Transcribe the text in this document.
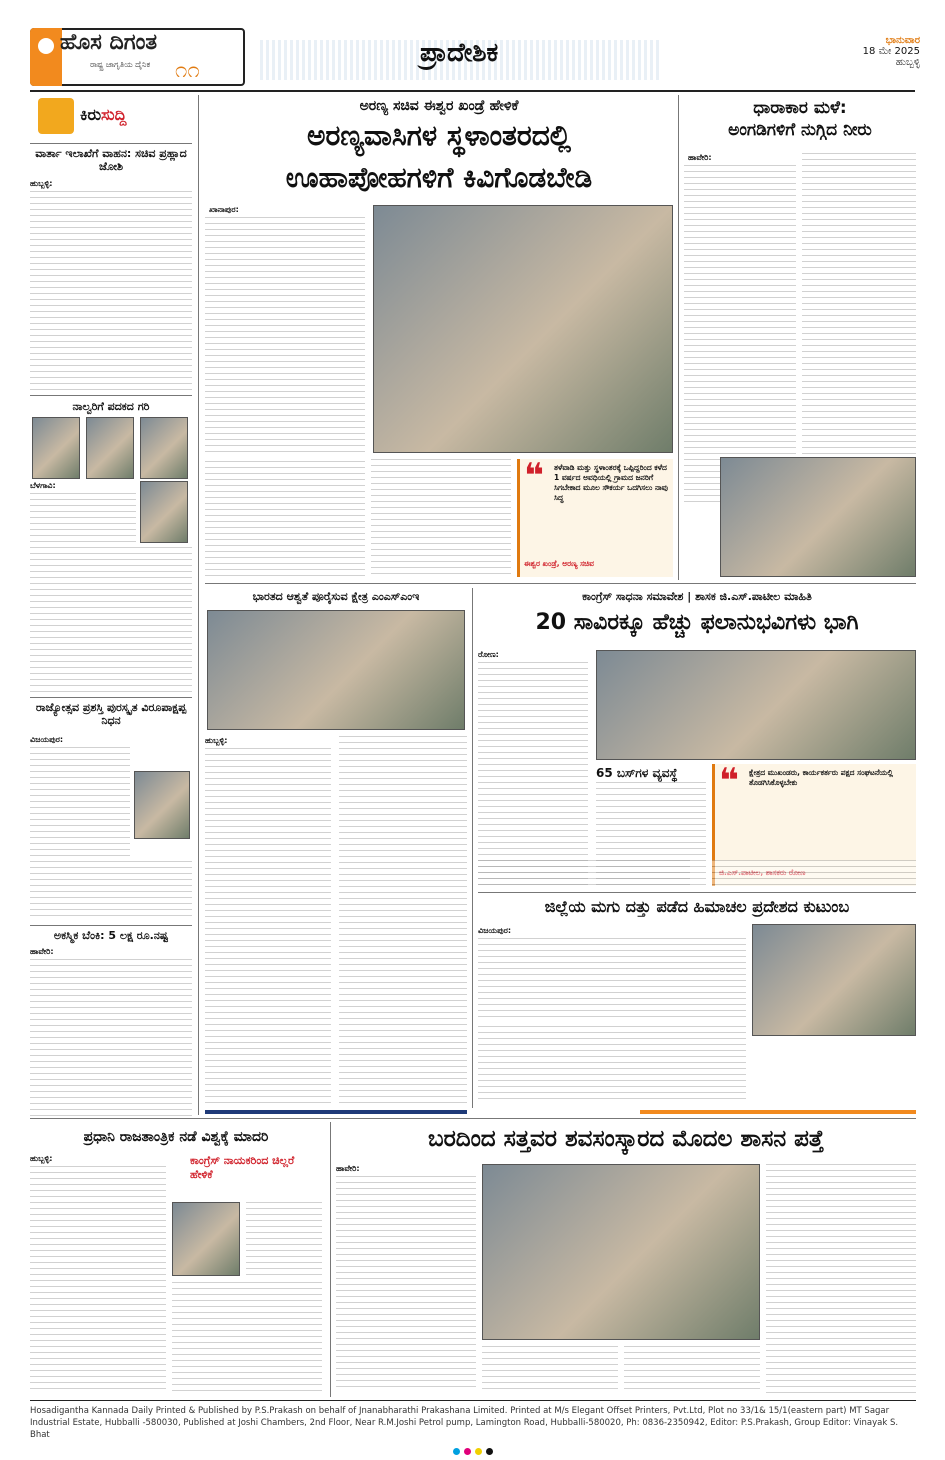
ಹೊಸ ದಿಗಂತ
ರಾಷ್ಟ್ರ ಜಾಗೃತಿಯ ದೈನಿಕ ೧೧
ಪ್ರಾದೇಶಿಕ	ಭಾನುವಾರ
18 ಮೇ 2025
ಹುಬ್ಬಳ್ಳಿ
ಕಿರುಸುದ್ದಿ
ವಾರ್ತಾ ಇಲಾಖೆಗೆ ವಾಹನ: ಸಚಿವ ಪ್ರಹ್ಲಾದ ಜೋಶಿ
ಹುಬ್ಬಳ್ಳಿ:
ನಾಲ್ವರಿಗೆ ಪದಕದ ಗರಿ
ಬೆಳಗಾವಿ:
ರಾಜ್ಯೋತ್ಸವ ಪ್ರಶಸ್ತಿ ಪುರಸ್ಕೃತ ವಿರೂಪಾಕ್ಷಪ್ಪ ನಿಧನ
ವಿಜಯಪುರ:
ಅಕಸ್ಮಿಕ ಬೆಂಕಿ: 5 ಲಕ್ಷ ರೂ.ನಷ್ಟ
ಹಾವೇರಿ:
ಅರಣ್ಯ ಸಚಿವ ಈಶ್ವರ ಖಂಡ್ರೆ ಹೇಳಿಕೆ
ಅರಣ್ಯವಾಸಿಗಳ ಸ್ಥಳಾಂತರದಲ್ಲಿ
ಊಹಾಪೋಹಗಳಿಗೆ ಕಿವಿಗೊಡಬೇಡಿ
ಖಾನಾಪುರ:
❝ ತಳೆವಾಡಿ ಮತ್ತು ಸ್ಥಳಾಂತರಕ್ಕೆ ಒಪ್ಪಿದ್ದರಿಂದ ಕಳೆದ 1 ವರ್ಷದ ಅವಧಿಯಲ್ಲಿ ಗ್ರಾಮದ ಜನರಿಗೆ ಸಿಗಬೇಕಾದ ಮೂಲ ಸೌಕರ್ಯ ಒದಗಿಸಲು ನಾವು ಸಿದ್ಧ
ಈಶ್ವರ ಖಂಡ್ರೆ, ಅರಣ್ಯ ಸಚಿವ
ಧಾರಾಕಾರ ಮಳೆ:
ಅಂಗಡಿಗಳಿಗೆ ನುಗ್ಗಿದ ನೀರು
ಹಾವೇರಿ:
ಭಾರತದ ಆಶ್ವತೆ ಪೂರೈಸುವ ಕ್ಷೇತ್ರ ಎಂಎಸ್‌ಎಂಇ
ಹುಬ್ಬಳ್ಳಿ:
ಕಾಂಗ್ರೆಸ್ ಸಾಧನಾ ಸಮಾವೇಶ | ಶಾಸಕ ಜಿ.ಎಸ್.ಪಾಟೀಲ ಮಾಹಿತಿ
20 ಸಾವಿರಕ್ಕೂ ಹೆಚ್ಚು ಫಲಾನುಭವಿಗಳು ಭಾಗಿ
ರೋಣ:
65 ಬಸ್‌ಗಳ ವ್ಯವಸ್ಥೆ ❝ ಕ್ಷೇತ್ರದ ಮುಖಂಡರು, ಕಾರ್ಯಕರ್ತರು ಪಕ್ಷದ ಸಂಘಟನೆಯಲ್ಲಿ ತೊಡಗಿಸಿಕೊಳ್ಳಬೇಕು
ಜಿ.ಎಸ್.ಪಾಟೀಲ, ಶಾಸಕರು ರೋಣ
ಜಿಲ್ಲೆಯ ಮಗು ದತ್ತು ಪಡೆದ ಹಿಮಾಚಲ ಪ್ರದೇಶದ ಕುಟುಂಬ
ವಿಜಯಪುರ:
ಪ್ರಧಾನಿ ರಾಜತಾಂತ್ರಿಕ ನಡೆ ವಿಶ್ವಕ್ಕೆ ಮಾದರಿ
ಹುಬ್ಬಳ್ಳಿ:	ಕಾಂಗ್ರೆಸ್ ನಾಯಕರಿಂದ ಚಿಲ್ಲರೆ ಹೇಳಿಕೆ
ಬರದಿಂದ ಸತ್ತವರ ಶವಸಂಸ್ಕಾರದ ಮೊದಲ ಶಾಸನ ಪತ್ತೆ
ಹಾವೇರಿ:
Hosadigantha Kannada Daily Printed & Published by P.S.Prakash on behalf of Jnanabharathi Prakashana Limited. Printed at M/s Elegant Offset Printers, Pvt.Ltd, Plot no 33/1& 15/1(eastern part) MT Sagar Industrial Estate, Hubballi -580030, Published at Joshi Chambers, 2nd Floor, Near R.M.Joshi Petrol pump, Lamington Road, Hubballi-580020, Ph: 0836-2350942, Editor: P.S.Prakash, Group Editor: Vinayak S. Bhat
